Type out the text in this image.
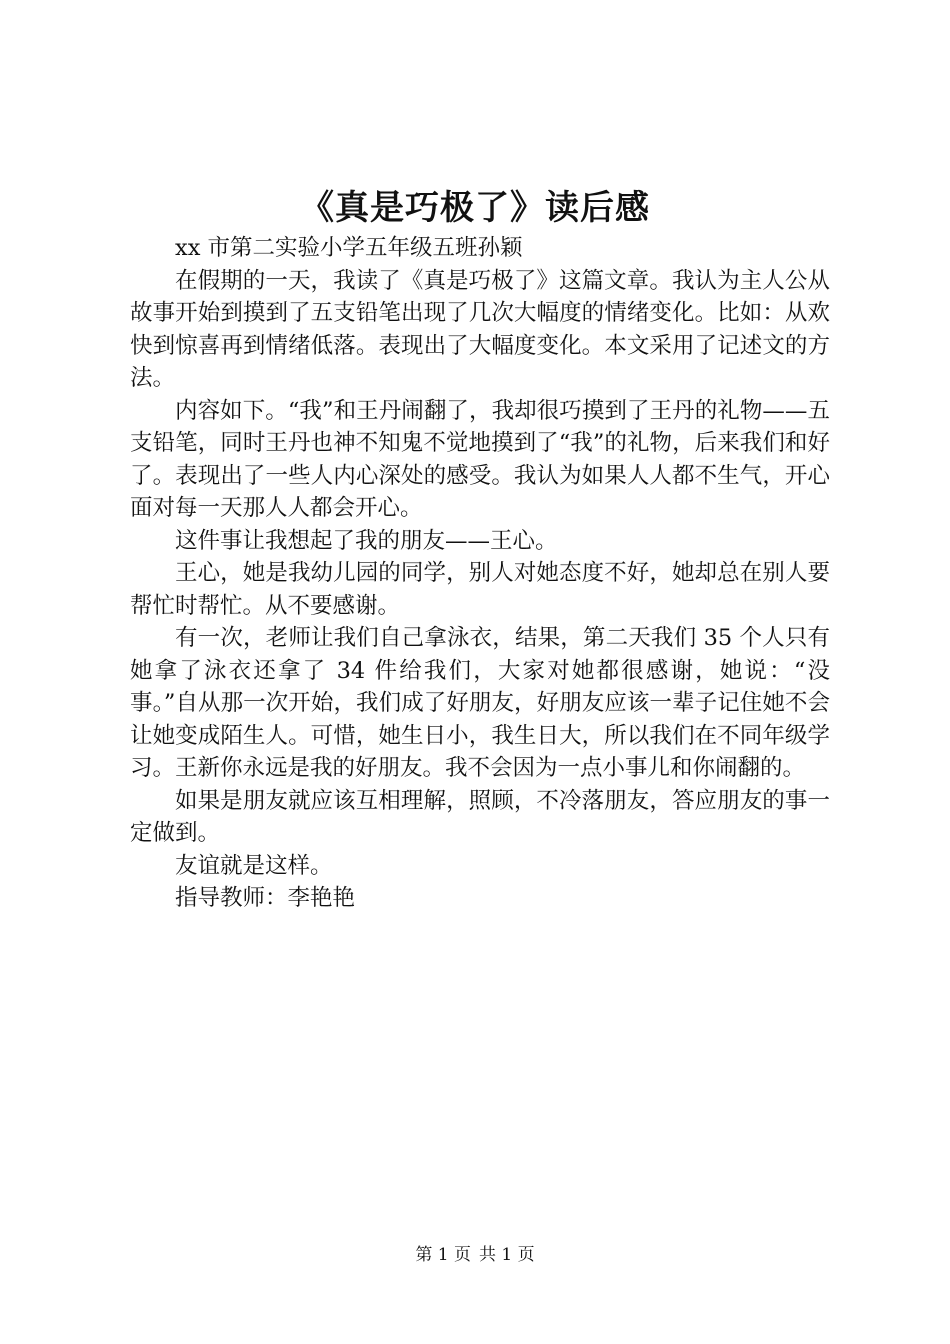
《真是巧极了》读后感

xx 市第二实验小学五年级五班孙颖

在假期的一天，我读了《真是巧极了》这篇文章。我认为主人公从故事开始到摸到了五支铅笔出现了几次大幅度的情绪变化。比如：从欢快到惊喜再到情绪低落。表现出了大幅度变化。本文采用了记述文的方法。

内容如下。“我”和王丹闹翻了，我却很巧摸到了王丹的礼物——五支铅笔，同时王丹也神不知鬼不觉地摸到了“我”的礼物，后来我们和好了。表现出了一些人内心深处的感受。我认为如果人人都不生气，开心面对每一天那人人都会开心。

这件事让我想起了我的朋友——王心。

王心，她是我幼儿园的同学，别人对她态度不好，她却总在别人要帮忙时帮忙。从不要感谢。

有一次，老师让我们自己拿泳衣，结果，第二天我们 35 个人只有她拿了泳衣还拿了 34 件给我们，大家对她都很感谢，她说：“没事。”自从那一次开始，我们成了好朋友，好朋友应该一辈子记住她不会让她变成陌生人。可惜，她生日小，我生日大，所以我们在不同年级学习。王新你永远是我的好朋友。我不会因为一点小事儿和你闹翻的。

如果是朋友就应该互相理解，照顾，不冷落朋友，答应朋友的事一定做到。

友谊就是这样。

指导教师：李艳艳

第 1 页 共 1 页
